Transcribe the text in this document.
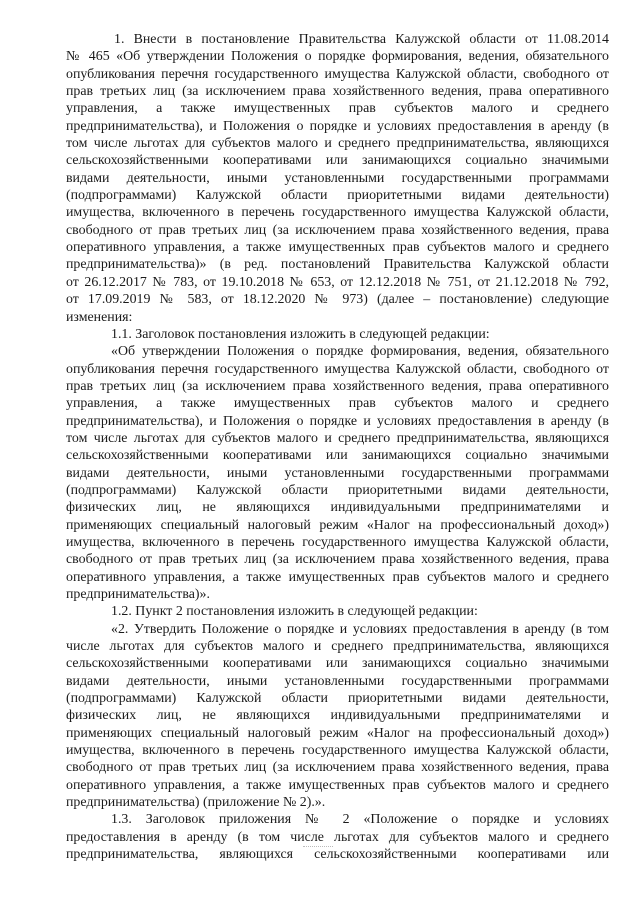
1. Внести в постановление Правительства Калужской области от 11.08.2014
№ 465 «Об утверждении Положения о порядке формирования, ведения, обязательного
опубликования перечня государственного имущества Калужской области, свободного от
прав третьих лиц (за исключением права хозяйственного ведения, права оперативного
управления, а также имущественных прав субъектов малого и среднего
предпринимательства), и Положения о порядке и условиях предоставления в аренду (в
том числе льготах для субъектов малого и среднего предпринимательства, являющихся
сельскохозяйственными кооперативами или занимающихся социально значимыми
видами деятельности, иными установленными государственными программами
(подпрограммами) Калужской области приоритетными видами деятельности)
имущества, включенного в перечень государственного имущества Калужской области,
свободного от прав третьих лиц (за исключением права хозяйственного ведения, права
оперативного управления, а также имущественных прав субъектов малого и среднего
предпринимательства)» (в ред. постановлений Правительства Калужской области
от 26.12.2017 № 783, от 19.10.2018 № 653, от 12.12.2018 № 751, от 21.12.2018 № 792,
от 17.09.2019 № 583, от 18.12.2020 № 973) (далее – постановление) следующие
изменения:
1.1. Заголовок постановления изложить в следующей редакции:
«Об утверждении Положения о порядке формирования, ведения, обязательного
опубликования перечня государственного имущества Калужской области, свободного от
прав третьих лиц (за исключением права хозяйственного ведения, права оперативного
управления, а также имущественных прав субъектов малого и среднего
предпринимательства), и Положения о порядке и условиях предоставления в аренду (в
том числе льготах для субъектов малого и среднего предпринимательства, являющихся
сельскохозяйственными кооперативами или занимающихся социально значимыми
видами деятельности, иными установленными государственными программами
(подпрограммами) Калужской области приоритетными видами деятельности,
физических лиц, не являющихся индивидуальными предпринимателями и
применяющих специальный налоговый режим «Налог на профессиональный доход»)
имущества, включенного в перечень государственного имущества Калужской области,
свободного от прав третьих лиц (за исключением права хозяйственного ведения, права
оперативного управления, а также имущественных прав субъектов малого и среднего
предпринимательства)».
1.2. Пункт 2 постановления изложить в следующей редакции:
«2. Утвердить Положение о порядке и условиях предоставления в аренду (в том
числе льготах для субъектов малого и среднего предпринимательства, являющихся
сельскохозяйственными кооперативами или занимающихся социально значимыми
видами деятельности, иными установленными государственными программами
(подпрограммами) Калужской области приоритетными видами деятельности,
физических лиц, не являющихся индивидуальными предпринимателями и
применяющих специальный налоговый режим «Налог на профессиональный доход»)
имущества, включенного в перечень государственного имущества Калужской области,
свободного от прав третьих лиц (за исключением права хозяйственного ведения, права
оперативного управления, а также имущественных прав субъектов малого и среднего
предпринимательства) (приложение № 2).».
1.3. Заголовок приложения № 2 «Положение о порядке и условиях
предоставления в аренду (в том числе льготах для субъектов малого и среднего
предпринимательства, являющихся сельскохозяйственными кооперативами или
